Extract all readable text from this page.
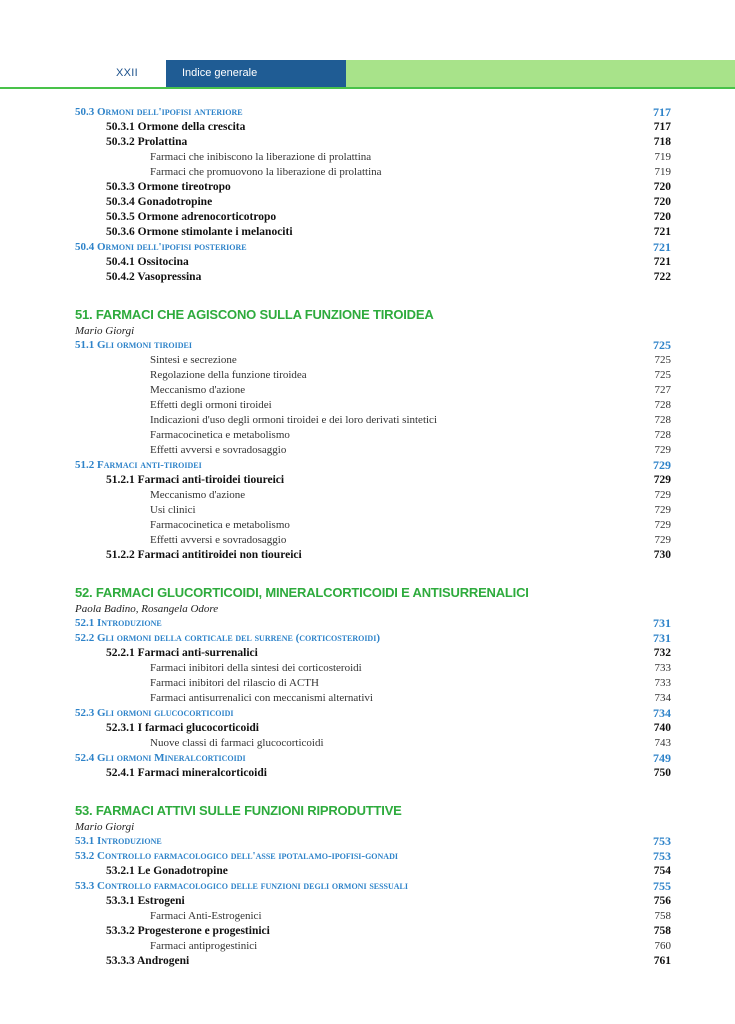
XXII	Indice generale
50.3 Ormoni dell'ipofisi anteriore	717
50.3.1 Ormone della crescita	717
50.3.2 Prolattina	718
Farmaci che inibiscono la liberazione di prolattina	719
Farmaci che promuovono la liberazione di prolattina	719
50.3.3 Ormone tireotropo	720
50.3.4 Gonadotropine	720
50.3.5 Ormone adrenocorticotropo	720
50.3.6 Ormone stimolante i melanociti	721
50.4 Ormoni dell'ipofisi posteriore	721
50.4.1 Ossitocina	721
50.4.2 Vasopressina	722
51. FARMACI CHE AGISCONO SULLA FUNZIONE TIROIDEA
Mario Giorgi
51.1 Gli ormoni tiroidei	725
Sintesi e secrezione	725
Regolazione della funzione tiroidea	725
Meccanismo d'azione	727
Effetti degli ormoni tiroidei	728
Indicazioni d'uso degli ormoni tiroidei e dei loro derivati sintetici	728
Farmacocinetica e metabolismo	728
Effetti avversi e sovradosaggio	729
51.2 Farmaci anti-tiroidei	729
51.2.1 Farmaci anti-tiroidei tioureici	729
Meccanismo d'azione	729
Usi clinici	729
Farmacocinetica e metabolismo	729
Effetti avversi e sovradosaggio	729
51.2.2 Farmaci antitiroidei non tioureici	730
52. FARMACI GLUCORTICOIDI, MINERALCORTICOIDI E ANTISURRENALICI
Paola Badino, Rosangela Odore
52.1 Introduzione	731
52.2 Gli ormoni della corticale del surrene (corticosteroidi)	731
52.2.1 Farmaci anti-surrenalici	732
Farmaci inibitori della sintesi dei corticosteroidi	733
Farmaci inibitori del rilascio di ACTH	733
Farmaci antisurrenalici con meccanismi alternativi	734
52.3 Gli ormoni glucocorticoidi	734
52.3.1 I farmaci glucocorticoidi	740
Nuove classi di farmaci glucocorticoidi	743
52.4 Gli ormoni Mineralcorticoidi	749
52.4.1 Farmaci mineralcorticoidi	750
53. FARMACI ATTIVI SULLE FUNZIONI RIPRODUTTIVE
Mario Giorgi
53.1 Introduzione	753
53.2 Controllo farmacologico dell'asse ipotalamo-ipofisi-gonadi	753
53.2.1 Le Gonadotropine	754
53.3 Controllo farmacologico delle funzioni degli ormoni sessuali	755
53.3.1 Estrogeni	756
Farmaci Anti-Estrogenici	758
53.3.2 Progesterone e progestinici	758
Farmaci antiprogestinici	760
53.3.3 Androgeni	761
